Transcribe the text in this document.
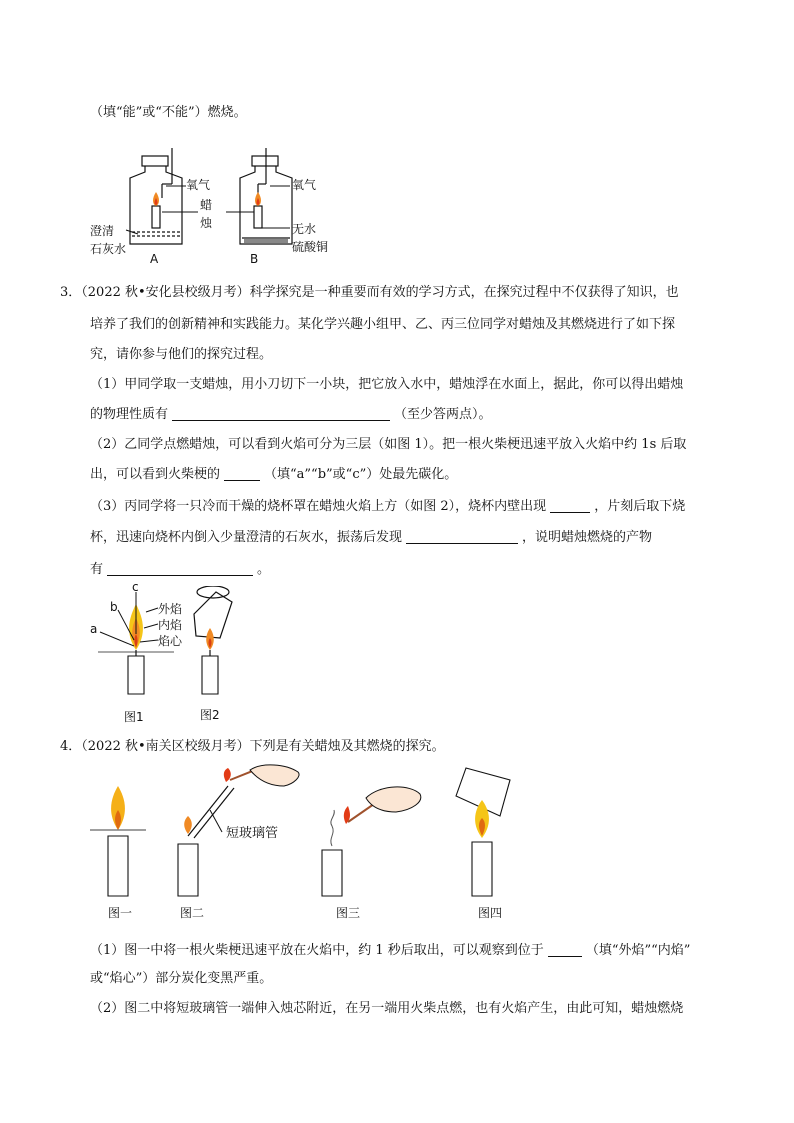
（填“能”或“不能”）燃烧。
氧气
蜡
烛
澄清
石灰水
氧气
无水
硫酸铜
A	B
3．（2022 秋•安化县校级月考）科学探究是一种重要而有效的学习方式，在探究过程中不仅获得了知识，也
培养了我们的创新精神和实践能力。某化学兴趣小组甲、乙、丙三位同学对蜡烛及其燃烧进行了如下探
究，请你参与他们的探究过程。
（1）甲同学取一支蜡烛，用小刀切下一小块，把它放入水中，蜡烛浮在水面上，据此，你可以得出蜡烛
的物理性质有	（至少答两点）。
（2）乙同学点燃蜡烛，可以看到火焰可分为三层（如图 1）。把一根火柴梗迅速平放入火焰中约 1s 后取
出，可以看到火柴梗的	（填“a”“b”或“c”）处最先碳化。
（3）丙同学将一只冷而干燥的烧杯罩在蜡烛火焰上方（如图 2），烧杯内壁出现	，片刻后取下烧
杯，迅速向烧杯内倒入少量澄清的石灰水，振荡后发现	，说明蜡烛燃烧的产物
有	。
a
b
c
外焰
内焰
焰心
图1	图2
4．（2022 秋•南关区校级月考）下列是有关蜡烛及其燃烧的探究。
短玻璃管
图一	图二	图三	图四
（1）图一中将一根火柴梗迅速平放在火焰中，约 1 秒后取出，可以观察到位于	（填“外焰”“内焰”
或“焰心”）部分炭化变黑严重。
（2）图二中将短玻璃管一端伸入烛芯附近，在另一端用火柴点燃，也有火焰产生，由此可知，蜡烛燃烧
